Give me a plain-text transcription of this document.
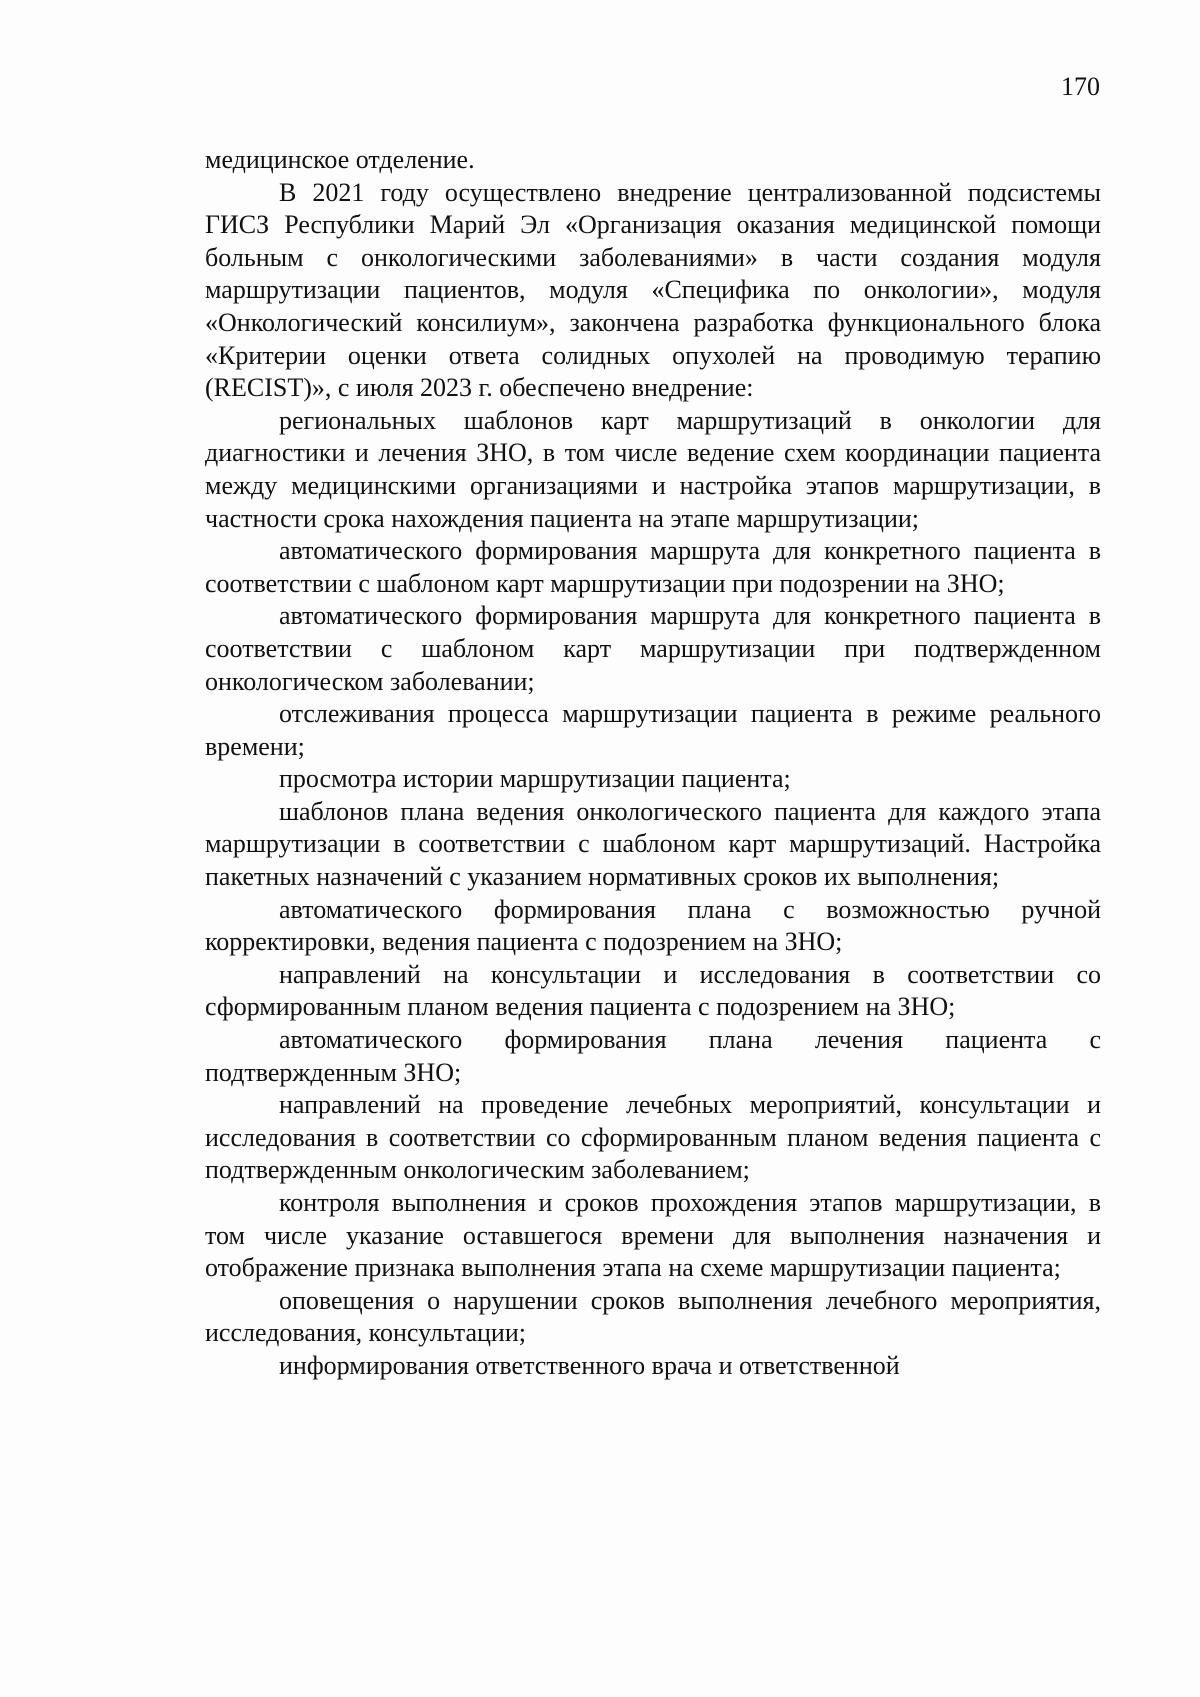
170

медицинское отделение.

В 2021 году осуществлено внедрение централизованной подсистемы ГИСЗ Республики Марий Эл «Организация оказания медицинской помощи больным с онкологическими заболеваниями» в части создания модуля маршрутизации пациентов, модуля «Специфика по онкологии», модуля «Онкологический консилиум», закончена разработка функционального блока «Критерии оценки ответа солидных опухолей на проводимую терапию (RECIST)», с июля 2023 г. обеспечено внедрение:

региональных шаблонов карт маршрутизаций в онкологии для диагностики и лечения ЗНО, в том числе ведение схем координации пациента между медицинскими организациями и настройка этапов маршрутизации, в частности срока нахождения пациента на этапе маршрутизации;

автоматического формирования маршрута для конкретного пациента в соответствии с шаблоном карт маршрутизации при подозрении на ЗНО;

автоматического формирования маршрута для конкретного пациента в соответствии с шаблоном карт маршрутизации при подтвержденном онкологическом заболевании;

отслеживания процесса маршрутизации пациента в режиме реального времени;

просмотра истории маршрутизации пациента;

шаблонов плана ведения онкологического пациента для каждого этапа маршрутизации в соответствии с шаблоном карт маршрутизаций. Настройка пакетных назначений с указанием нормативных сроков их выполнения;

автоматического формирования плана с возможностью ручной корректировки, ведения пациента с подозрением на ЗНО;

направлений на консультации и исследования в соответствии со сформированным планом ведения пациента с подозрением на ЗНО;

автоматического формирования плана лечения пациента с подтвержденным ЗНО;

направлений на проведение лечебных мероприятий, консультации и исследования в соответствии со сформированным планом ведения пациента с подтвержденным онкологическим заболеванием;

контроля выполнения и сроков прохождения этапов маршрутизации, в том числе указание оставшегося времени для выполнения назначения и отображение признака выполнения этапа на схеме маршрутизации пациента;

оповещения о нарушении сроков выполнения лечебного мероприятия, исследования, консультации;

информирования ответственного врача и ответственной
